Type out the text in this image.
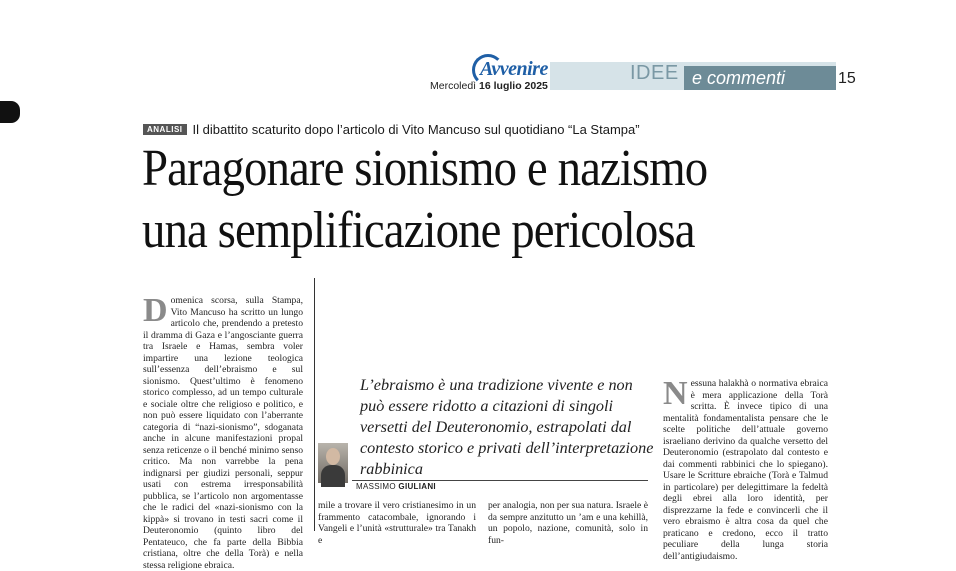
Avvenire
Mercoledì 16 luglio 2025
IDEE e commenti	15
ANALISI Il dibattito scaturito dopo l’articolo di Vito Mancuso sul quotidiano “La Stampa”
Paragonare sionismo e nazismo
una semplificazione pericolosa
Domenica scorsa, sulla Stampa, Vito Mancuso ha scritto un lungo articolo che, prendendo a pretesto il dramma di Gaza e l’angosciante guerra tra Israele e Hamas, sembra voler impartire una lezione teologica sull’essenza dell’ebraismo e sul sionismo. Quest’ultimo è fenomeno storico complesso, ad un tempo culturale e sociale oltre che religioso e politico, e non può essere liquidato con l’aberrante categoria di “nazi-sionismo”, sdoganata anche in alcune manifestazioni propal senza reticenze o il benché minimo senso critico. Ma non varrebbe la pena indignarsi per giudizi personali, seppur usati con estrema irresponsabilità pubblica, se l’articolo non argomentasse che le radici del «nazi-sionismo con la kippà» si trovano in testi sacri come il Deuteronomio (quinto libro del Pentateuco, che fa parte della Bibbia cristiana, oltre che della Torà) e nella stessa religione ebraica.
L’ebraismo è una tradizione vivente e non può essere ridotto a citazioni di singoli versetti del Deuteronomio, estrapolati dal contesto storico e privati dell’interpretazione rabbinica
MASSIMO GIULIANI
mile a trovare il vero cristianesimo in un frammento catacombale, ignorando i Vangeli e l’unità «strutturale» tra Tanakh e
per analogia, non per sua natura. Israele è da sempre anzitutto un ’am e una kehillà, un popolo, nazione, comunità, solo in fun-
Nessuna halakhà o normativa ebraica è mera applicazione della Torà scritta. È invece tipico di una mentalità fondamentalista pensare che le scelte politiche dell’attuale governo israeliano derivino da qualche versetto del Deuteronomio (estrapolato dal contesto e dai commenti rabbinici che lo spiegano). Usare le Scritture ebraiche (Torà e Talmud in particolare) per delegittimare la fedeltà degli ebrei alla loro identità, per disprezzarne la fede e convincerli che il vero ebraismo è altra cosa da quel che praticano e credono, ecco il tratto peculiare della lunga storia dell’antigiudaismo.
